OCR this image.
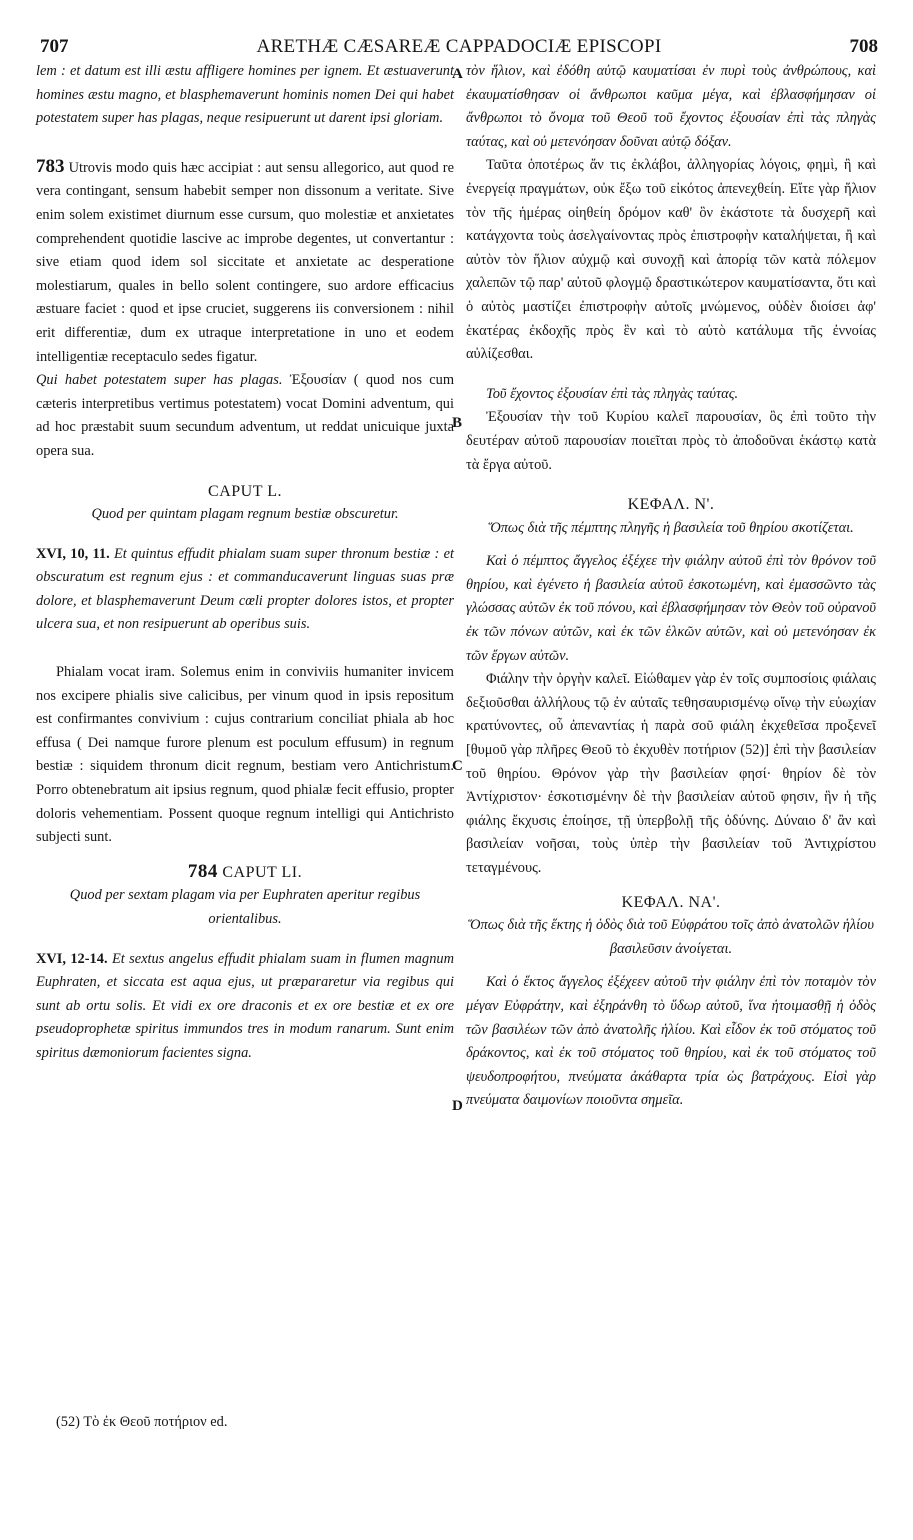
707	ARETHÆ CÆSAREÆ CAPPADOCIÆ EPISCOPI	708
A
B
C
D

lem : et datum est illi æstu affligere homines per ignem. Et æstuaverunt homines æstu magno, et blasphemaverunt hominis nomen Dei qui habet potestatem super has plagas, neque resipuerunt ut darent ipsi gloriam.

783 Utrovis modo quis hæc accipiat : aut sensu allegorico, aut quod re vera contingant, sensum habebit semper non dissonum a veritate. Sive enim solem existimet diurnum esse cursum, quo molestiæ et anxietates comprehendent quotidie lascive ac improbe degentes, ut convertantur : sive etiam quod idem sol siccitate et anxietate ac desperatione molestiarum, quales in bello solent contingere, suo ardore efficacius æstuare faciet : quod et ipse cruciet, suggerens iis conversionem : nihil erit differentiæ, dum ex utraque interpretatione in uno et eodem intelligentiæ receptaculo sedes figatur.

Qui habet potestatem super has plagas. Ἐξουσίαν ( quod nos cum cæteris interpretibus vertimus potestatem) vocat Domini adventum, qui ad hoc præstabit suum secundum adventum, ut reddat unicuique juxta opera sua.

CAPUT L.

Quod per quintam plagam regnum bestiæ obscuretur.

XVI, 10, 11. Et quintus effudit phialam suam super thronum bestiæ : et obscuratum est regnum ejus : et commanducaverunt linguas suas præ dolore, et blasphemaverunt Deum cœli propter dolores istos, et propter ulcera sua, et non resipuerunt ab operibus suis.

Phialam vocat iram. Solemus enim in conviviis humaniter invicem nos excipere phialis sive calicibus, per vinum quod in ipsis repositum est confirmantes convivium : cujus contrarium conciliat phiala ab hoc effusa ( Dei namque furore plenum est poculum effusum) in regnum bestiæ : siquidem thronum dicit regnum, bestiam vero Antichristum. Porro obtenebratum ait ipsius regnum, quod phialæ fecit effusio, propter doloris vehementiam. Possent quoque regnum intelligi qui Antichristo subjecti sunt.

784 CAPUT LI.

Quod per sextam plagam via per Euphraten aperitur regibus orientalibus.

XVI, 12-14. Et sextus angelus effudit phialam suam in flumen magnum Euphraten, et siccata est aqua ejus, ut præpararetur via regibus qui sunt ab ortu solis. Et vidi ex ore draconis et ex ore bestiæ et ex ore pseudoprophetæ spiritus immundos tres in modum ranarum. Sunt enim spiritus dæmoniorum facientes signa.

τὸν ἥλιον, καὶ ἐδόθη αὐτῷ καυματίσαι ἐν πυρὶ τοὺς ἀνθρώπους, καὶ ἐκαυματίσθησαν οἱ ἄνθρωποι καῦμα μέγα, καὶ ἐβλασφήμησαν οἱ ἄνθρωποι τὸ ὄνομα τοῦ Θεοῦ τοῦ ἔχοντος ἐξουσίαν ἐπὶ τὰς πληγὰς ταύτας, καὶ οὐ μετενόησαν δοῦναι αὐτῷ δόξαν.

Ταῦτα ὁποτέρως ἄν τις ἐκλάβοι, ἀλληγορίας λόγοις, φημὶ, ἢ καὶ ἐνεργείᾳ πραγμάτων, οὐκ ἔξω τοῦ εἰκότος ἀπενεχθείη. Εἴτε γὰρ ἥλιον τὸν τῆς ἡμέρας οἰηθείη δρόμον καθ' ὃν ἑκάστοτε τὰ δυσχερῆ καὶ κατάγχοντα τοὺς ἀσελγαίνοντας πρὸς ἐπιστροφὴν καταλήψεται, ἢ καὶ αὐτὸν τὸν ἥλιον αὐχμῷ καὶ συνοχῇ καὶ ἀπορίᾳ τῶν κατὰ πόλεμον χαλεπῶν τῷ παρ' αὐτοῦ φλογμῷ δραστικώτερον καυματίσαντα, ὅτι καὶ ὁ αὐτὸς μαστίζει ἐπιστροφὴν αὐτοῖς μνώμενος, οὐδὲν διοίσει ἀφ' ἑκατέρας ἐκδοχῆς πρὸς ἓν καὶ τὸ αὐτὸ κατάλυμα τῆς ἐννοίας αὐλίζεσθαι.

Τοῦ ἔχοντος ἐξουσίαν ἐπὶ τὰς πληγὰς ταύτας.

Ἐξουσίαν τὴν τοῦ Κυρίου καλεῖ παρουσίαν, ὃς ἐπὶ τοῦτο τὴν δευτέραν αὐτοῦ παρουσίαν ποιεῖται πρὸς τὸ ἀποδοῦναι ἑκάστῳ κατὰ τὰ ἔργα αὐτοῦ.

ΚΕΦΑΛ. Ν'.

Ὅπως διὰ τῆς πέμπτης πληγῆς ἡ βασιλεία τοῦ θηρίου σκοτίζεται.

Καὶ ὁ πέμπτος ἄγγελος ἐξέχεε τὴν φιάλην αὐτοῦ ἐπὶ τὸν θρόνον τοῦ θηρίου, καὶ ἐγένετο ἡ βασιλεία αὐτοῦ ἐσκοτωμένη, καὶ ἐμασσῶντο τὰς γλώσσας αὐτῶν ἐκ τοῦ πόνου, καὶ ἐβλασφήμησαν τὸν Θεὸν τοῦ οὐρανοῦ ἐκ τῶν πόνων αὐτῶν, καὶ ἐκ τῶν ἑλκῶν αὐτῶν, καὶ οὐ μετενόησαν ἐκ τῶν ἔργων αὐτῶν.

Φιάλην τὴν ὀργὴν καλεῖ. Εἰώθαμεν γὰρ ἐν τοῖς συμποσίοις φιάλαις δεξιοῦσθαι ἀλλήλους τῷ ἐν αὐταῖς τεθησαυρισμένῳ οἴνῳ τὴν εὐωχίαν κρατύνοντες, οὗ ἀπεναντίας ἡ παρὰ σοῦ φιάλη ἐκχεθεῖσα προξενεῖ [θυμοῦ γὰρ πλῆρες Θεοῦ τὸ ἐκχυθὲν ποτήριον (52)] ἐπὶ τὴν βασιλείαν τοῦ θηρίου. Θρόνον γὰρ τὴν βασιλείαν φησί· θηρίον δὲ τὸν Ἀντίχριστον· ἐσκοτισμένην δὲ τὴν βασιλείαν αὐτοῦ φησιν, ἣν ἡ τῆς φιάλης ἔκχυσις ἐποίησε, τῇ ὑπερβολῇ τῆς ὀδύνης. Δύναιο δ' ἂν καὶ βασιλείαν νοῆσαι, τοὺς ὑπὲρ τὴν βασιλείαν τοῦ Ἀντιχρίστου τεταγμένους.

ΚΕΦΑΛ. ΝΑ'.

Ὅπως διὰ τῆς ἕκτης ἡ ὁδὸς διὰ τοῦ Εὐφράτου τοῖς ἀπὸ ἀνατολῶν ἡλίου βασιλεῦσιν ἀνοίγεται.

Καὶ ὁ ἕκτος ἄγγελος ἐξέχεεν αὐτοῦ τὴν φιάλην ἐπὶ τὸν ποταμὸν τὸν μέγαν Εὐφράτην, καὶ ἐξηράνθη τὸ ὕδωρ αὐτοῦ, ἵνα ἡτοιμασθῇ ἡ ὁδὸς τῶν βασιλέων τῶν ἀπὸ ἀνατολῆς ἡλίου. Καὶ εἶδον ἐκ τοῦ στόματος τοῦ δράκοντος, καὶ ἐκ τοῦ στόματος τοῦ θηρίου, καὶ ἐκ τοῦ στόματος τοῦ ψευδοπροφήτου, πνεύματα ἀκάθαρτα τρία ὡς βατράχους. Εἰσὶ γὰρ πνεύματα δαιμονίων ποιοῦντα σημεῖα.

(52) Τὸ ἐκ Θεοῦ ποτήριον ed.
